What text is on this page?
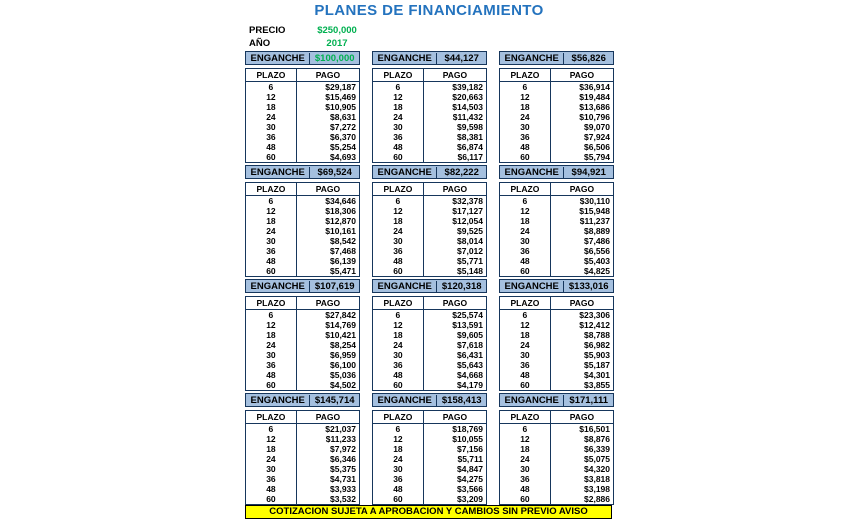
PLANES DE FINANCIAMIENTO
PRECIO	$250,000
AÑO	2017
ENGANCHE	$100,000
PLAZO	PAGO
6	$29,187
12	$15,469
18	$10,905
24	$8,631
30	$7,272
36	$6,370
48	$5,254
60	$4,693
ENGANCHE	$44,127
PLAZO	PAGO
6	$39,182
12	$20,663
18	$14,503
24	$11,432
30	$9,598
36	$8,381
48	$6,874
60	$6,117
ENGANCHE	$56,826
PLAZO	PAGO
6	$36,914
12	$19,484
18	$13,686
24	$10,796
30	$9,070
36	$7,924
48	$6,506
60	$5,794
ENGANCHE	$69,524
PLAZO	PAGO
6	$34,646
12	$18,306
18	$12,870
24	$10,161
30	$8,542
36	$7,468
48	$6,139
60	$5,471
ENGANCHE	$82,222
PLAZO	PAGO
6	$32,378
12	$17,127
18	$12,054
24	$9,525
30	$8,014
36	$7,012
48	$5,771
60	$5,148
ENGANCHE	$94,921
PLAZO	PAGO
6	$30,110
12	$15,948
18	$11,237
24	$8,889
30	$7,486
36	$6,556
48	$5,403
60	$4,825
ENGANCHE	$107,619
PLAZO	PAGO
6	$27,842
12	$14,769
18	$10,421
24	$8,254
30	$6,959
36	$6,100
48	$5,036
60	$4,502
ENGANCHE	$120,318
PLAZO	PAGO
6	$25,574
12	$13,591
18	$9,605
24	$7,618
30	$6,431
36	$5,643
48	$4,668
60	$4,179
ENGANCHE	$133,016
PLAZO	PAGO
6	$23,306
12	$12,412
18	$8,788
24	$6,982
30	$5,903
36	$5,187
48	$4,301
60	$3,855
ENGANCHE	$145,714
PLAZO	PAGO
6	$21,037
12	$11,233
18	$7,972
24	$6,346
30	$5,375
36	$4,731
48	$3,933
60	$3,532
ENGANCHE	$158,413
PLAZO	PAGO
6	$18,769
12	$10,055
18	$7,156
24	$5,711
30	$4,847
36	$4,275
48	$3,566
60	$3,209
ENGANCHE	$171,111
PLAZO	PAGO
6	$16,501
12	$8,876
18	$6,339
24	$5,075
30	$4,320
36	$3,818
48	$3,198
60	$2,886
COTIZACION SUJETA A APROBACION Y CAMBIOS SIN PREVIO AVISO
